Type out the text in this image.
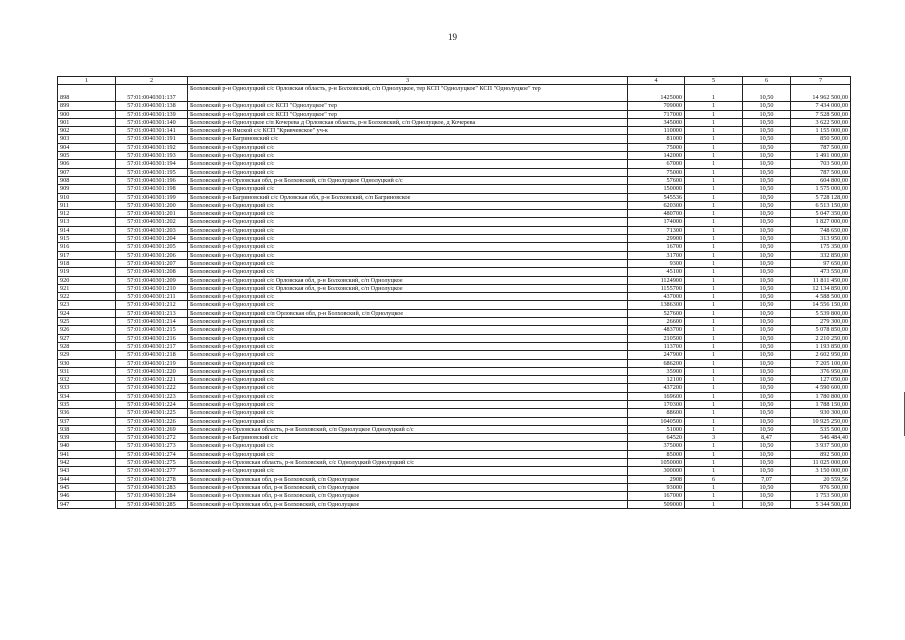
19
1	2	3	4	5	6	7
898	57:01:0040301:137	Болховский р-н Однолуцкий с/с Орловская область, р-н Болховский, с/п Однолуцкое, тер КСП "Однолуцкое" КСП "Однолуцкое" тер	1425000	1	10,50	14 962 500,00
899	57:01:0040301:138	Болховский р-н Однолуцкий с/с КСП "Однолуцкое" тер	709000	1	10,50	7 434 000,00
900	57:01:0040301:139	Болховский р-н Однолуцкий с/с КСП "Однолуцкое" тер	717000	1	10,50	7 528 500,00
901	57:01:0040301:140	Болховский р-н Однолуцкое с/п Кочерева д Орловская область, р-н Болховский, с/п Однолуцкое, д Кочерева	345000	1	10,50	3 622 500,00
902	57:01:0040301:141	Болховский р-н Ямской с/с КСП "Кривчевское" уч-к	110000	1	10,50	1 155 000,00
903	57:01:0040301:191	Болховский р-н Багриновский с/с	81000	1	10,50	850 500,00
904	57:01:0040301:192	Болховский р-н Однолуцкий с/с	75000	1	10,50	787 500,00
905	57:01:0040301:193	Болховский р-н Однолуцкий с/с	142000	1	10,50	1 491 000,00
906	57:01:0040301:194	Болховский р-н Однолуцкий с/с	67000	1	10,50	703 500,00
907	57:01:0040301:195	Болховский р-н Однолуцкий с/с	75000	1	10,50	787 500,00
908	57:01:0040301:196	Болховский р-н Орловская обл, р-н Болховский, с/п Однолуцкое Однолуцкий с/с	57600	1	10,50	604 800,00
909	57:01:0040301:198	Болховский р-н Однолуцкий с/с	150000	1	10,50	1 575 000,00
910	57:01:0040301:199	Болховский р-н Багриновский с/с Орловская обл, р-н Болховский, с/п Багриновское	545536	1	10,50	5 728 128,00
911	57:01:0040301:200	Болховский р-н Однолуцкий с/с	620300	1	10,50	6 513 150,00
912	57:01:0040301:201	Болховский р-н Однолуцкий с/с	480700	1	10,50	5 047 350,00
913	57:01:0040301:202	Болховский р-н Однолуцкий с/с	174000	1	10,50	1 827 000,00
914	57:01:0040301:203	Болховский р-н Однолуцкий с/с	71300	1	10,50	748 650,00
915	57:01:0040301:204	Болховский р-н Однолуцкий с/с	29900	1	10,50	313 950,00
916	57:01:0040301:205	Болховский р-н Однолуцкий с/с	16700	1	10,50	175 350,00
917	57:01:0040301:206	Болховский р-н Однолуцкий с/с	31700	1	10,50	332 850,00
918	57:01:0040301:207	Болховский р-н Однолуцкий с/с	9300	1	10,50	97 650,00
919	57:01:0040301:208	Болховский р-н Однолуцкий с/с	45100	1	10,50	473 550,00
920	57:01:0040301:209	Болховский р-н Однолуцкий с/с Орловская обл, р-н Болховский, с/п Однолуцкое	1124900	1	10,50	11 811 450,00
921	57:01:0040301:210	Болховский р-н Однолуцкий с/с Орловская обл, р-н Болховский, с/п Однолуцкое	1155700	1	10,50	12 134 850,00
922	57:01:0040301:211	Болховский р-н Однолуцкий с/с	437000	1	10,50	4 588 500,00
923	57:01:0040301:212	Болховский р-н Однолуцкий с/с	1386300	1	10,50	14 556 150,00
924	57:01:0040301:213	Болховский р-н Однолуцкий с/п Орловская обл, р-н Болховский, с/п Однолуцкое	527600	1	10,50	5 539 800,00
925	57:01:0040301:214	Болховский р-н Однолуцкий с/с	26600	1	10,50	279 300,00
926	57:01:0040301:215	Болховский р-н Однолуцкий с/с	483700	1	10,50	5 078 850,00
927	57:01:0040301:216	Болховский р-н Однолуцкий с/с	210500	1	10,50	2 210 250,00
928	57:01:0040301:217	Болховский р-н Однолуцкий с/с	113700	1	10,50	1 193 850,00
929	57:01:0040301:218	Болховский р-н Однолуцкий с/с	247900	1	10,50	2 602 950,00
930	57:01:0040301:219	Болховский р-н Однолуцкий с/с	686200	1	10,50	7 205 100,00
931	57:01:0040301:220	Болховский р-н Однолуцкий с/с	35900	1	10,50	376 950,00
932	57:01:0040301:221	Болховский р-н Однолуцкий с/с	12100	1	10,50	127 050,00
933	57:01:0040301:222	Болховский р-н Однолуцкий с/с	437200	1	10,50	4 590 600,00
934	57:01:0040301:223	Болховский р-н Однолуцкий с/с	169600	1	10,50	1 780 800,00
935	57:01:0040301:224	Болховский р-н Однолуцкий с/с	170300	1	10,50	1 788 150,00
936	57:01:0040301:225	Болховский р-н Однолуцкий с/с	88600	1	10,50	930 300,00
937	57:01:0040301:226	Болховский р-н Однолуцкий с/с	1040500	1	10,50	10 925 250,00
938	57:01:0040301:269	Болховский р-н Орловская область, р-н Болховский, с/п Однолуцкое Однолуцкий с/с	51000	1	10,50	535 500,00
939	57:01:0040301:272	Болховский р-н Багриновский с/с	64520	3	8,47	546 484,40
940	57:01:0040301:273	Болховский р-н Однолуцкий с/с	375000	1	10,50	3 937 500,00
941	57:01:0040301:274	Болховский р-н Однолуцкий с/с	85000	1	10,50	892 500,00
942	57:01:0040301:275	Болховский р-н Орловская область, р-н Болховский, с/с Однолуцкий Однолуцкий с/с	1050000	1	10,50	11 025 000,00
943	57:01:0040301:277	Болховский р-н Однолуцкий с/с	300000	1	10,50	3 150 000,00
944	57:01:0040301:278	Болховский р-н Орловская обл, р-н Болховский, с/п Однолуцкое	2908	6	7,07	20 559,56
945	57:01:0040301:283	Болховский р-н Орловская обл, р-н Болховский, с/п Однолуцкое	93000	1	10,50	976 500,00
946	57:01:0040301:284	Болховский р-н Орловская обл, р-н Болховский, с/п Однолуцкое	167000	1	10,50	1 753 500,00
947	57:01:0040301:285	Болховский р-н Орловская обл, р-н Болховский, с/п Однолуцкое	509000	1	10,50	5 344 500,00
